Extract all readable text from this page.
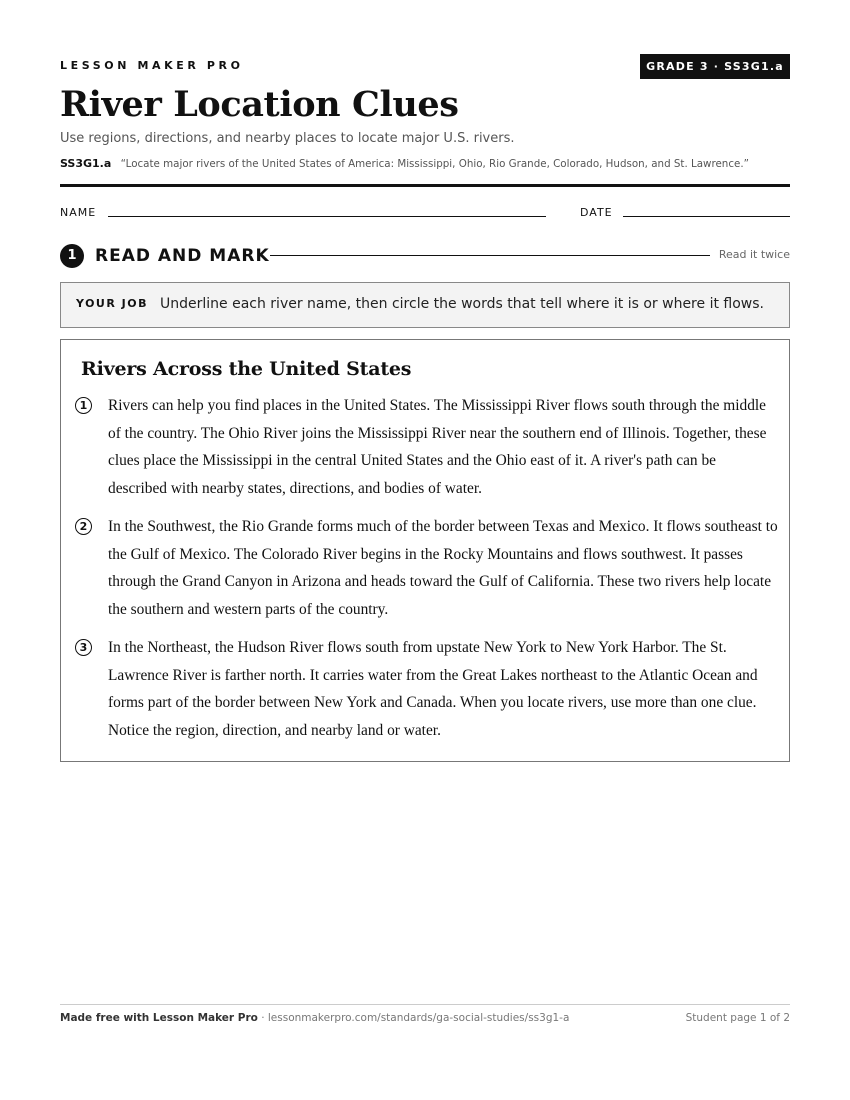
LESSON MAKER PRO	GRADE 3 · SS3G1.a
River Location Clues
Use regions, directions, and nearby places to locate major U.S. rivers.
SS3G1.a “Locate major rivers of the United States of America: Mississippi, Ohio, Rio Grande, Colorado, Hudson, and St. Lawrence.”
NAME	DATE
1	READ AND MARK	Read it twice
YOUR JOB Underline each river name, then circle the words that tell where it is or where it flows.
Rivers Across the United States
1	Rivers can help you find places in the United States. The Mississippi River flows south through the middle of the country. The Ohio River joins the Mississippi River near the southern end of Illinois. Together, these clues place the Mississippi in the central United States and the Ohio east of it. A river's path can be described with nearby states, directions, and bodies of water.

2	In the Southwest, the Rio Grande forms much of the border between Texas and Mexico. It flows southeast to the Gulf of Mexico. The Colorado River begins in the Rocky Mountains and flows southwest. It passes through the Grand Canyon in Arizona and heads toward the Gulf of California. These two rivers help locate the southern and western parts of the country.

3	In the Northeast, the Hudson River flows south from upstate New York to New York Harbor. The St. Lawrence River is farther north. It carries water from the Great Lakes northeast to the Atlantic Ocean and forms part of the border between New York and Canada. When you locate rivers, use more than one clue. Notice the region, direction, and nearby land or water.

Made free with Lesson Maker Pro · lessonmakerpro.com/standards/ga-social-studies/ss3g1-a	Student page 1 of 2
